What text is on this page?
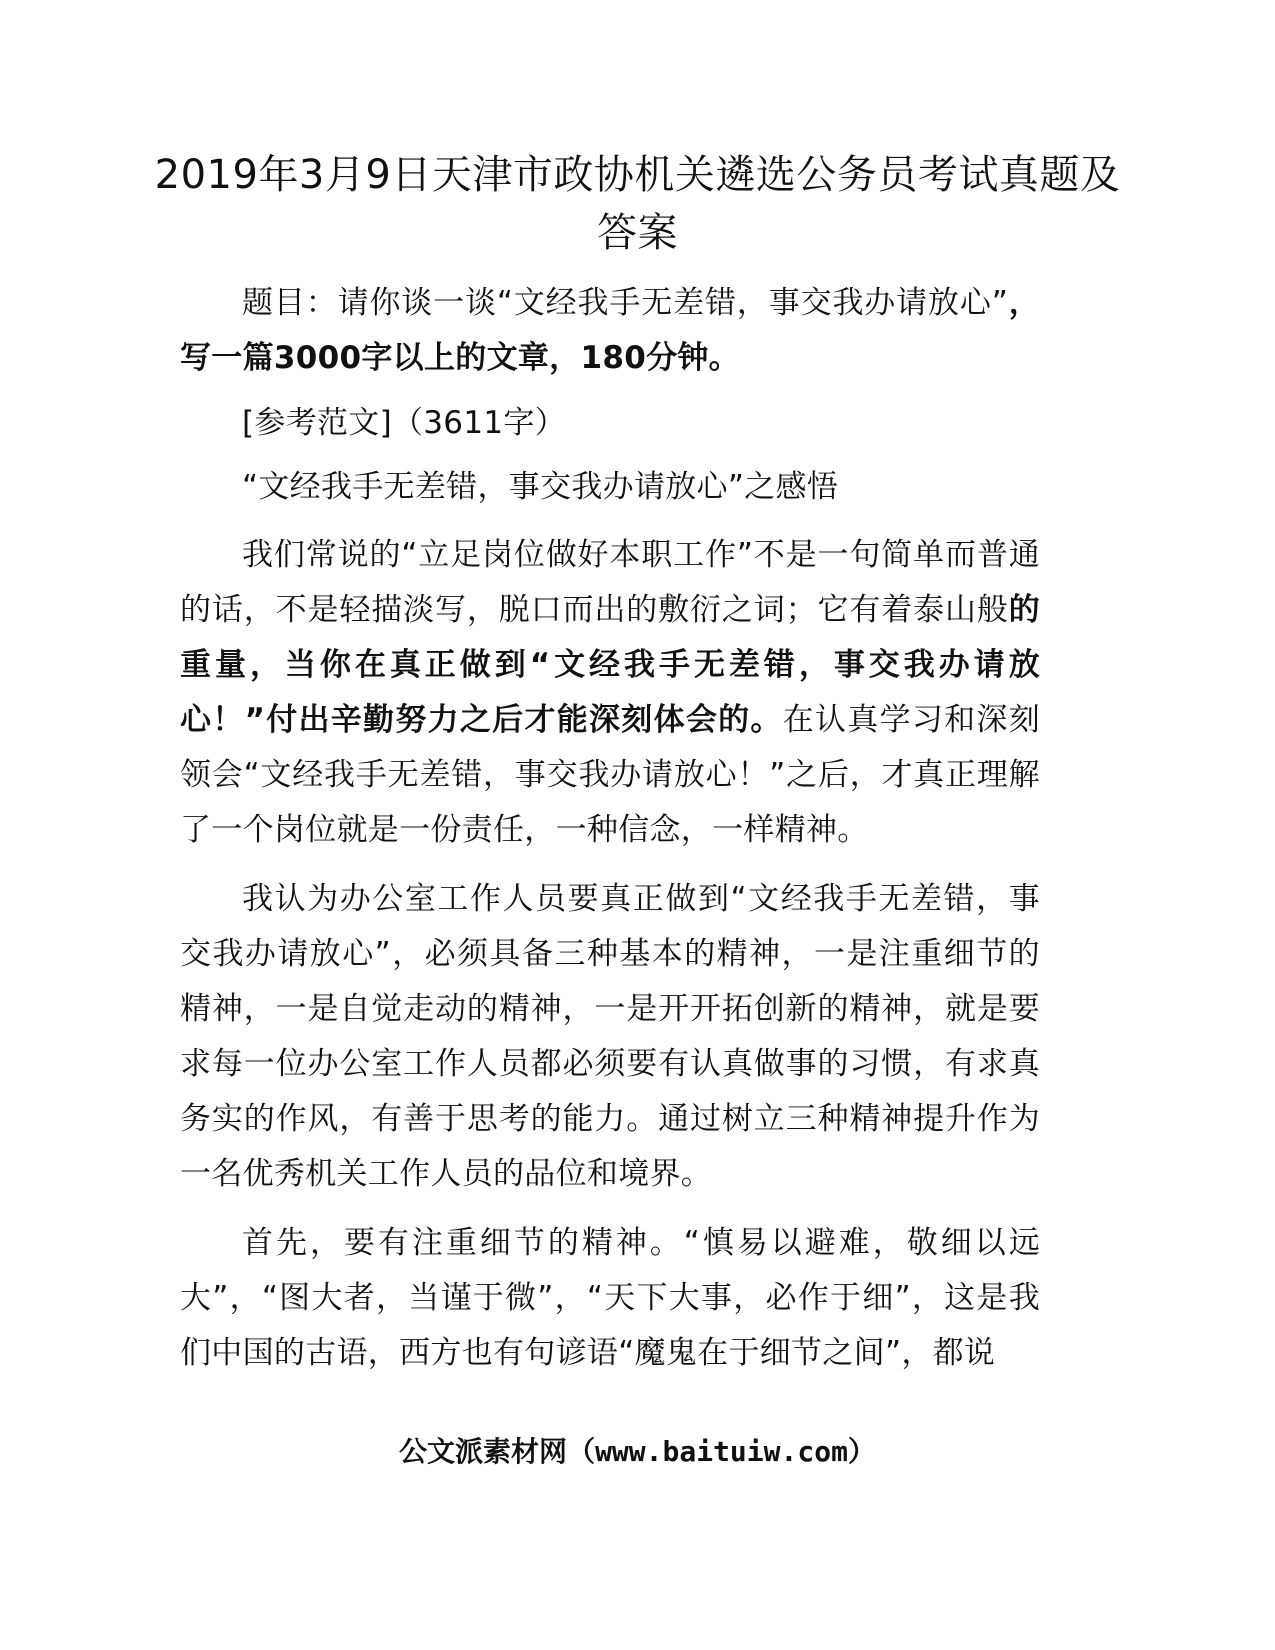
2019年3月9日天津市政协机关遴选公务员考试真题及答案

题目：请你谈一谈“文经我手无差错，事交我办请放心”，写一篇3000字以上的文章，180分钟。

[参考范文]（3611字）

“文经我手无差错，事交我办请放心”之感悟

我们常说的“立足岗位做好本职工作”不是一句简单而普通的话，不是轻描淡写，脱口而出的敷衍之词；它有着泰山般的重量，当你在真正做到“文经我手无差错，事交我办请放心！”付出辛勤努力之后才能深刻体会的。在认真学习和深刻领会“文经我手无差错，事交我办请放心！”之后，才真正理解了一个岗位就是一份责任，一种信念，一样精神。

我认为办公室工作人员要真正做到“文经我手无差错，事交我办请放心”，必须具备三种基本的精神，一是注重细节的精神，一是自觉走动的精神，一是开开拓创新的精神，就是要求每一位办公室工作人员都必须要有认真做事的习惯，有求真务实的作风，有善于思考的能力。通过树立三种精神提升作为一名优秀机关工作人员的品位和境界。

首先，要有注重细节的精神。“慎易以避难，敬细以远大”，“图大者，当谨于微”，“天下大事，必作于细”，这是我们中国的古语，西方也有句谚语“魔鬼在于细节之间”，都说

公文派素材网（www.baituiw.com）
